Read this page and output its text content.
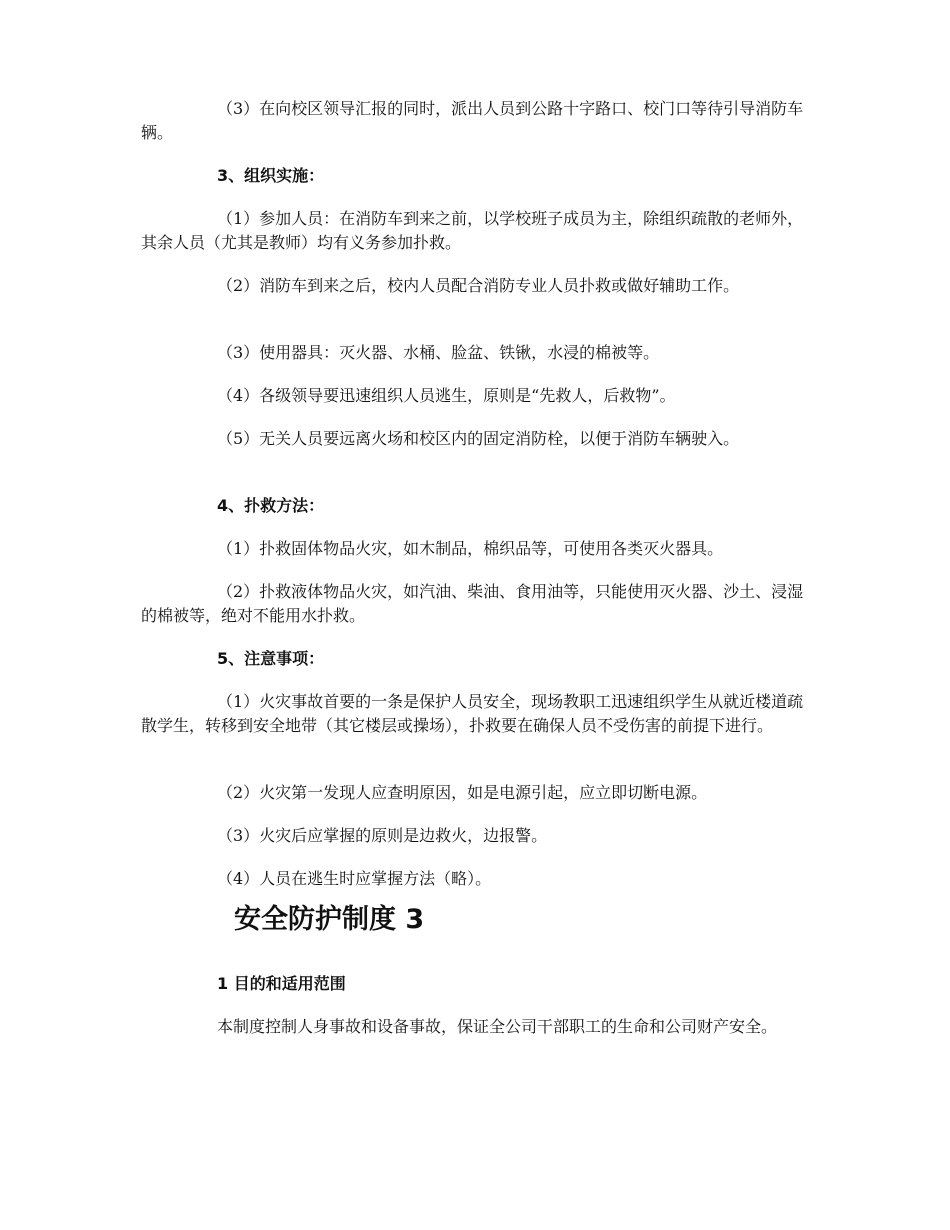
（3）在向校区领导汇报的同时，派出人员到公路十字路口、校门口等待引导消防车辆。

3、组织实施：

（1）参加人员：在消防车到来之前，以学校班子成员为主，除组织疏散的老师外，其余人员（尤其是教师）均有义务参加扑救。

（2）消防车到来之后，校内人员配合消防专业人员扑救或做好辅助工作。

（3）使用器具：灭火器、水桶、脸盆、铁锹，水浸的棉被等。

（4）各级领导要迅速组织人员逃生，原则是“先救人，后救物”。

（5）无关人员要远离火场和校区内的固定消防栓，以便于消防车辆驶入。

4、扑救方法：

（1）扑救固体物品火灾，如木制品，棉织品等，可使用各类灭火器具。

（2）扑救液体物品火灾，如汽油、柴油、食用油等，只能使用灭火器、沙土、浸湿的棉被等，绝对不能用水扑救。

5、注意事项：

（1）火灾事故首要的一条是保护人员安全，现场教职工迅速组织学生从就近楼道疏散学生，转移到安全地带（其它楼层或操场），扑救要在确保人员不受伤害的前提下进行。

（2）火灾第一发现人应查明原因，如是电源引起，应立即切断电源。

（3）火灾后应掌握的原则是边救火，边报警。

（4）人员在逃生时应掌握方法（略）。

安全防护制度 3

1 目的和适用范围

本制度控制人身事故和设备事故，保证全公司干部职工的生命和公司财产安全。
